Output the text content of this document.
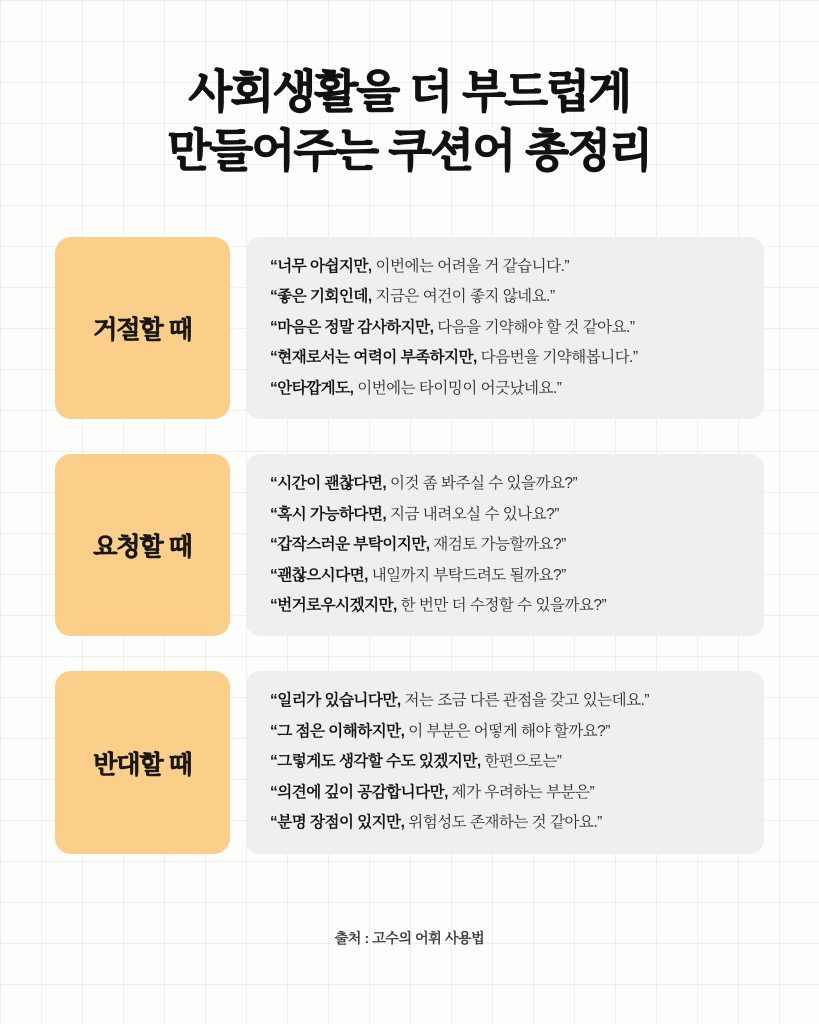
사회생활을 더 부드럽게
만들어주는 쿠션어 총정리
거절할 때
“너무 아쉽지만, 이번에는 어려울 거 같습니다.”
“좋은 기회인데, 지금은 여건이 좋지 않네요.”
“마음은 정말 감사하지만, 다음을 기약해야 할 것 같아요.”
“현재로서는 여력이 부족하지만, 다음번을 기약해봅니다.”
“안타깝게도, 이번에는 타이밍이 어긋났네요.”
요청할 때
“시간이 괜찮다면, 이것 좀 봐주실 수 있을까요?”
“혹시 가능하다면, 지금 내려오실 수 있나요?”
“갑작스러운 부탁이지만, 재검토 가능할까요?”
“괜찮으시다면, 내일까지 부탁드려도 될까요?”
“번거로우시겠지만, 한 번만 더 수정할 수 있을까요?”
반대할 때
“일리가 있습니다만, 저는 조금 다른 관점을 갖고 있는데요.”
“그 점은 이해하지만, 이 부분은 어떻게 해야 할까요?”
“그렇게도 생각할 수도 있겠지만, 한편으로는”
“의견에 깊이 공감합니다만, 제가 우려하는 부분은”
“분명 장점이 있지만, 위험성도 존재하는 것 같아요.”
출처 : 고수의 어휘 사용법
